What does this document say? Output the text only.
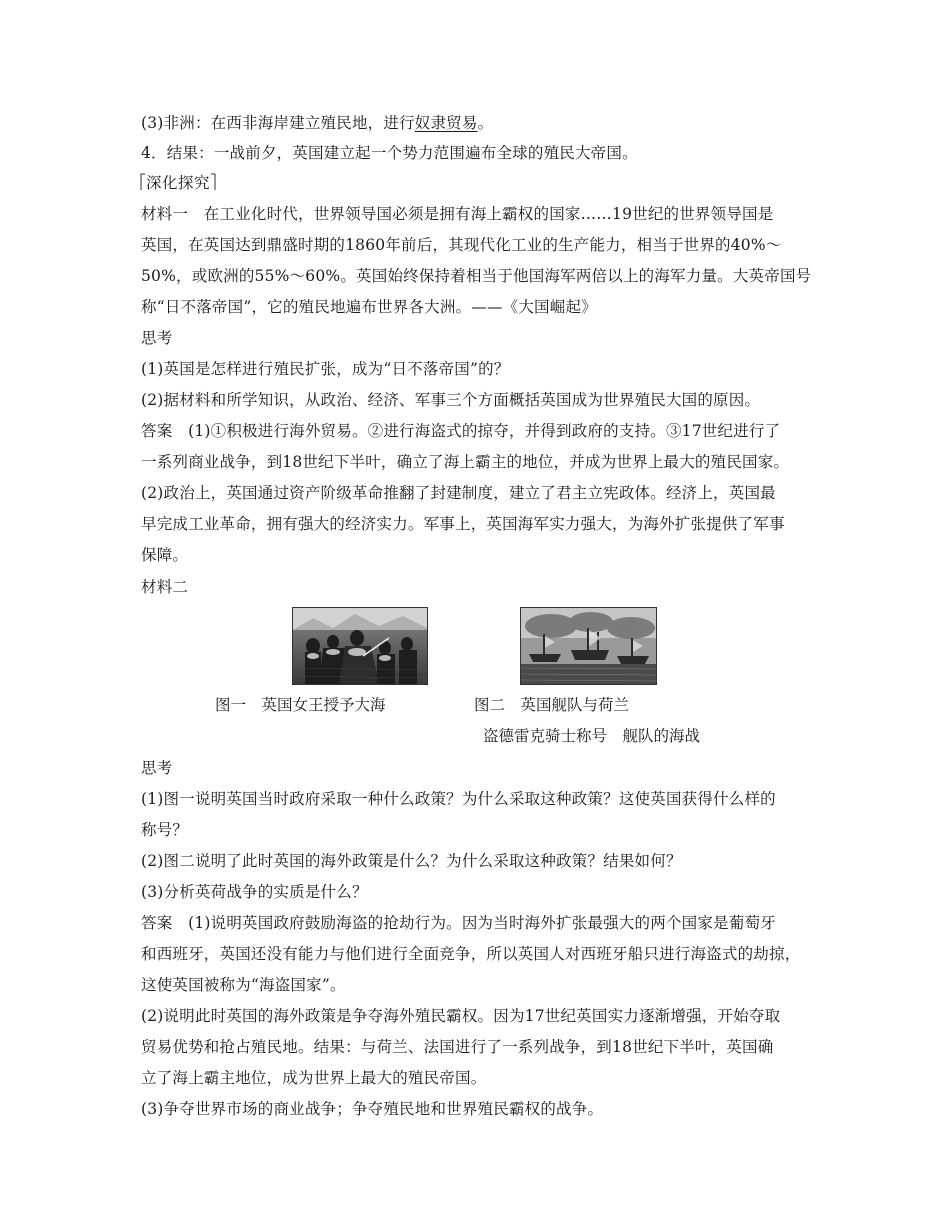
(3)非洲：在西非海岸建立殖民地，进行奴隶贸易。
4．结果：一战前夕，英国建立起一个势力范围遍布全球的殖民大帝国。
深化探究
材料一　在工业化时代，世界领导国必须是拥有海上霸权的国家……19世纪的世界领导国是
英国，在英国达到鼎盛时期的1860年前后，其现代化工业的生产能力，相当于世界的40%～
50%，或欧洲的55%～60%。英国始终保持着相当于他国海军两倍以上的海军力量。大英帝国号
称“日不落帝国”，它的殖民地遍布世界各大洲。——《大国崛起》
思考
(1)英国是怎样进行殖民扩张，成为“日不落帝国”的？
(2)据材料和所学知识，从政治、经济、军事三个方面概括英国成为世界殖民大国的原因。
答案　(1)①积极进行海外贸易。②进行海盗式的掠夺，并得到政府的支持。③17世纪进行了
一系列商业战争，到18世纪下半叶，确立了海上霸主的地位，并成为世界上最大的殖民国家。
(2)政治上，英国通过资产阶级革命推翻了封建制度，建立了君主立宪政体。经济上，英国最
早完成工业革命，拥有强大的经济实力。军事上，英国海军实力强大，为海外扩张提供了军事
保障。
材料二
图一　英国女王授予大海	图二　英国舰队与荷兰
盗德雷克骑士称号　舰队的海战
思考
(1)图一说明英国当时政府采取一种什么政策？为什么采取这种政策？这使英国获得什么样的
称号？
(2)图二说明了此时英国的海外政策是什么？为什么采取这种政策？结果如何？
(3)分析英荷战争的实质是什么？
答案　(1)说明英国政府鼓励海盗的抢劫行为。因为当时海外扩张最强大的两个国家是葡萄牙
和西班牙，英国还没有能力与他们进行全面竞争，所以英国人对西班牙船只进行海盗式的劫掠，
这使英国被称为“海盗国家”。
(2)说明此时英国的海外政策是争夺海外殖民霸权。因为17世纪英国实力逐渐增强，开始夺取
贸易优势和抢占殖民地。结果：与荷兰、法国进行了一系列战争，到18世纪下半叶，英国确
立了海上霸主地位，成为世界上最大的殖民帝国。
(3)争夺世界市场的商业战争；争夺殖民地和世界殖民霸权的战争。
